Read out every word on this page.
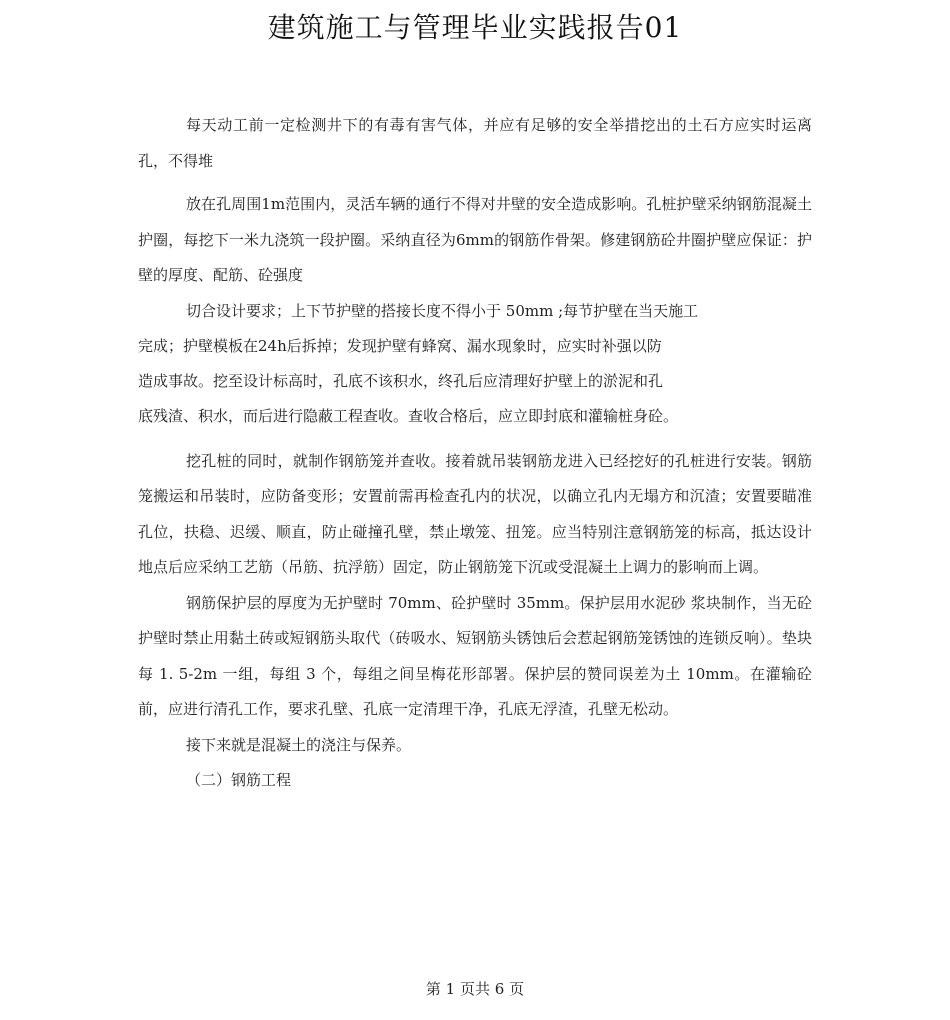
建筑施工与管理毕业实践报告01

每天动工前一定检测井下的有毒有害气体，并应有足够的安全举措挖出的土石方应实时运离孔，不得堆

放在孔周围1m范围内，灵活车辆的通行不得对井壁的安全造成影响。孔桩护壁采纳钢筋混凝土护圈，每挖下一米九浇筑一段护圈。采纳直径为6mm的钢筋作骨架。修建钢筋砼井圈护壁应保证：护壁的厚度、配筋、砼强度

切合设计要求；上下节护壁的搭接长度不得小于 50mm ;每节护壁在当天施工

完成；护壁模板在24h后拆掉；发现护壁有蜂窝、漏水现象时，应实时补强以防

造成事故。挖至设计标高时，孔底不该积水，终孔后应清理好护壁上的淤泥和孔

底残渣、积水，而后进行隐蔽工程查收。查收合格后，应立即封底和灌输桩身砼。

挖孔桩的同时，就制作钢筋笼并查收。接着就吊装钢筋龙进入已经挖好的孔桩进行安装。钢筋笼搬运和吊装时，应防备变形；安置前需再检查孔内的状况，以确立孔内无塌方和沉渣；安置要瞄准孔位，扶稳、迟缓、顺直，防止碰撞孔壁，禁止墩笼、扭笼。应当特别注意钢筋笼的标高，抵达设计地点后应采纳工艺筋（吊筋、抗浮筋）固定，防止钢筋笼下沉或受混凝土上调力的影响而上调。

钢筋保护层的厚度为无护壁时 70mm、砼护壁时 35mm。保护层用水泥砂 浆块制作，当无砼护壁时禁止用黏土砖或短钢筋头取代（砖吸水、短钢筋头锈蚀后会惹起钢筋笼锈蚀的连锁反响）。垫块每 1. 5-2m 一组，每组 3 个，每组之间呈梅花形部署。保护层的赞同误差为土 10mm。在灌输砼前，应进行清孔工作，要求孔壁、孔底一定清理干净，孔底无浮渣，孔壁无松动。

接下来就是混凝土的浇注与保养。

（二）钢筋工程

第 1 页共 6 页
